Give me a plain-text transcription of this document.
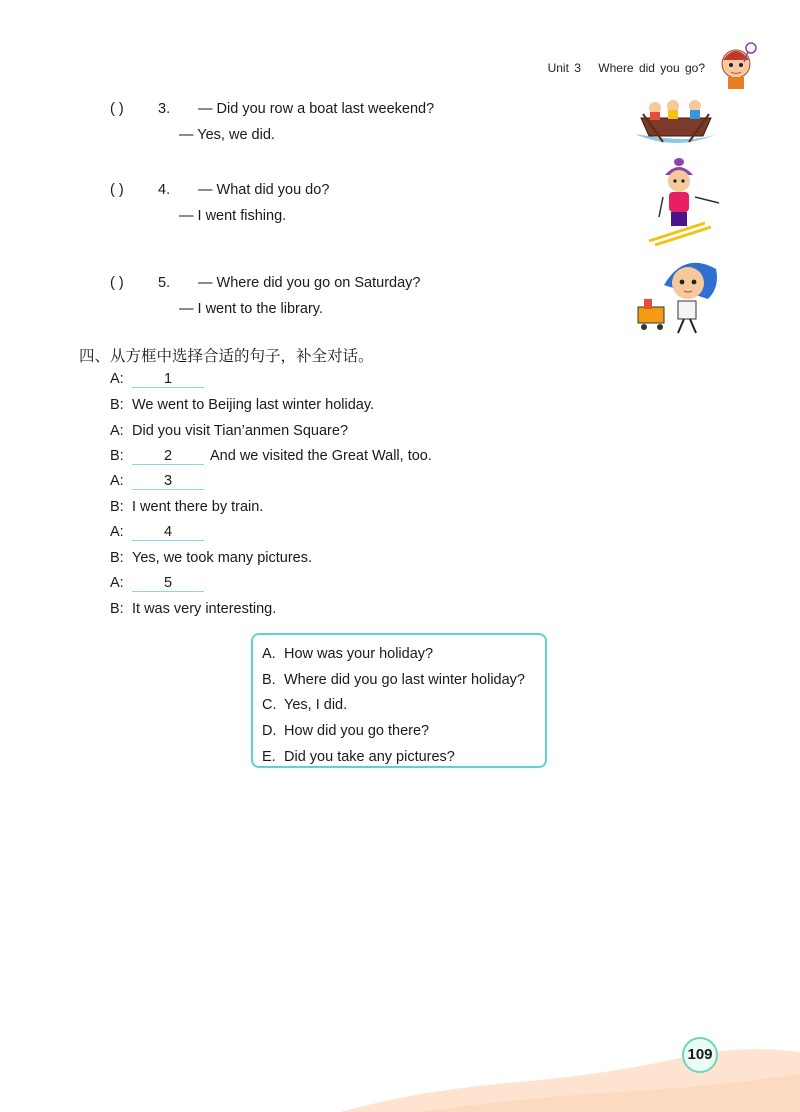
Unit 3 Where did you go?
( ) 3. — Did you row a boat last weekend?
— Yes, we did.
( ) 4. — What did you do?
— I went fishing.
( ) 5. — Where did you go on Saturday?
— I went to the library.
四、从方框中选择合适的句子，补全对话。
A:	1
B: We went to Beijing last winter holiday.
A: Did you visit Tian’anmen Square?
B:	2	And we visited the Great Wall, too.
A:	3
B: I went there by train.
A:	4
B: Yes, we took many pictures.
A:	5
B: It was very interesting.
A. How was your holiday?
B. Where did you go last winter holiday?
C. Yes, I did.
D. How did you go there?
E. Did you take any pictures?
109
